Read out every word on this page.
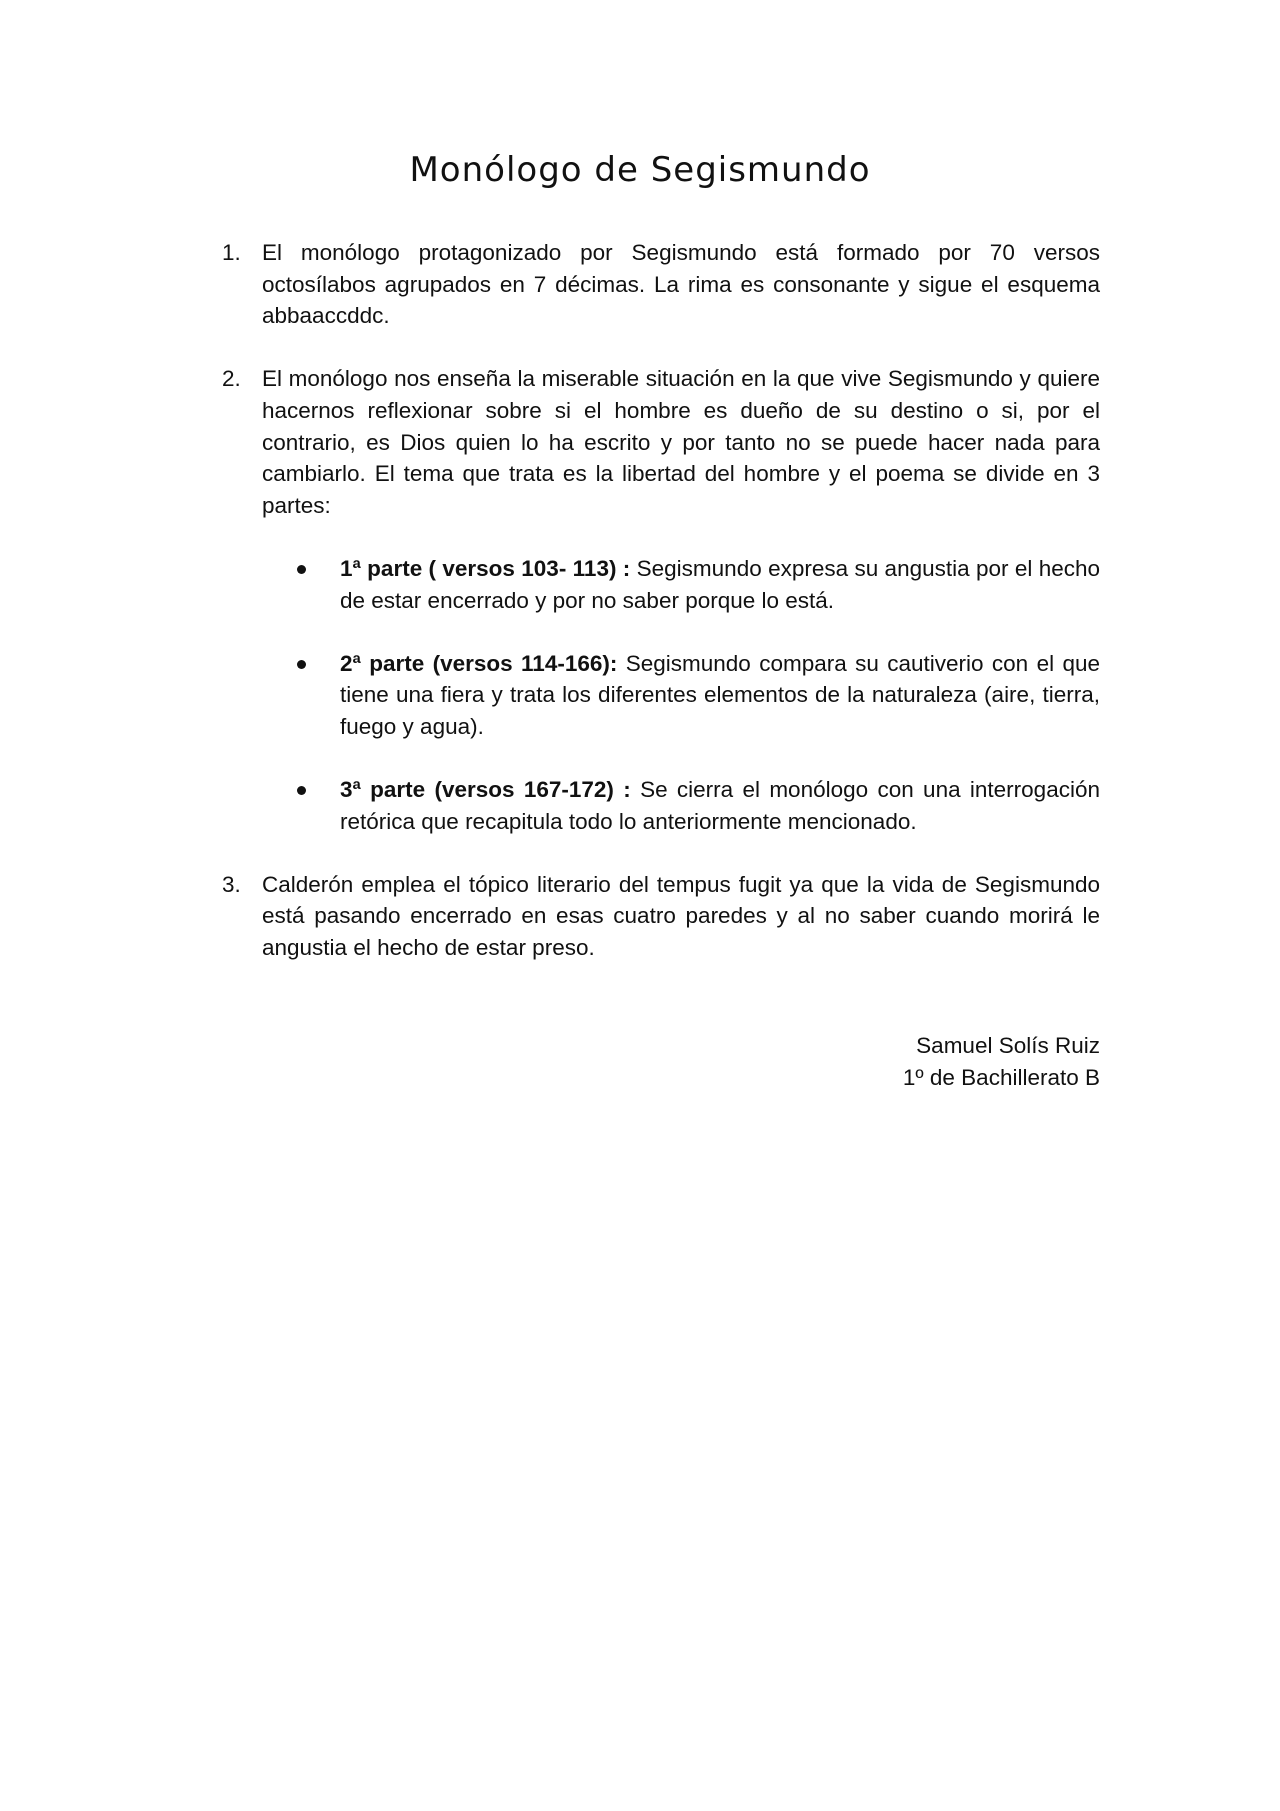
Monólogo de Segismundo
1. El monólogo protagonizado por Segismundo está formado por 70 versos octosílabos agrupados en 7 décimas. La rima es consonante y sigue el esquema abbaaccddc.

2. El monólogo nos enseña la miserable situación en la que vive Segismundo y quiere hacernos reflexionar sobre si el hombre es dueño de su destino o si, por el contrario, es Dios quien lo ha escrito y por tanto no se puede hacer nada para cambiarlo. El tema que trata es la libertad del hombre y el poema se divide en 3 partes:

1ª parte ( versos 103- 113) : Segismundo expresa su angustia por el hecho de estar encerrado y por no saber porque lo está.

2ª parte (versos 114-166): Segismundo compara su cautiverio con el que tiene una fiera y trata los diferentes elementos de la naturaleza (aire, tierra, fuego y agua).

3ª parte (versos 167-172) : Se cierra el monólogo con una interrogación retórica que recapitula todo lo anteriormente mencionado.

3. Calderón emplea el tópico literario del tempus fugit ya que la vida de Segismundo está pasando encerrado en esas cuatro paredes y al no saber cuando morirá le angustia el hecho de estar preso.

Samuel Solís Ruiz
1º de Bachillerato B
